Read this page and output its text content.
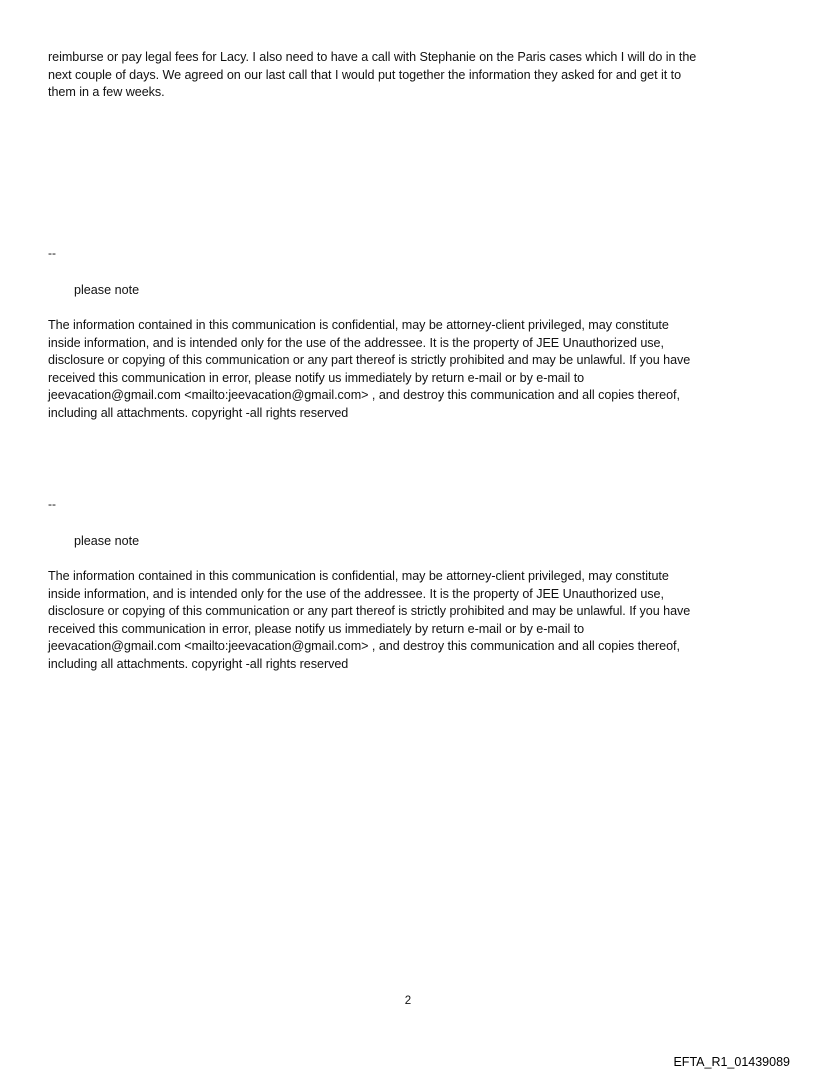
reimburse or pay legal fees for Lacy. I also need to have a call with Stephanie on the Paris cases which I will do in the
next couple of days. We agreed on our last call that I would put together the information they asked for and get it to
them in a few weeks.

--
please note

The information contained in this communication is confidential, may be attorney-client privileged, may constitute
inside information, and is intended only for the use of the addressee. It is the property of JEE Unauthorized use,
disclosure or copying of this communication or any part thereof is strictly prohibited and may be unlawful. If you have
received this communication in error, please notify us immediately by return e-mail or by e-mail to
jeevacation@gmail.com <mailto:jeevacation@gmail.com> , and destroy this communication and all copies thereof,
including all attachments. copyright -all rights reserved

--
please note

The information contained in this communication is confidential, may be attorney-client privileged, may constitute
inside information, and is intended only for the use of the addressee. It is the property of JEE Unauthorized use,
disclosure or copying of this communication or any part thereof is strictly prohibited and may be unlawful. If you have
received this communication in error, please notify us immediately by return e-mail or by e-mail to
jeevacation@gmail.com <mailto:jeevacation@gmail.com> , and destroy this communication and all copies thereof,
including all attachments. copyright -all rights reserved

2
EFTA_R1_01439089
